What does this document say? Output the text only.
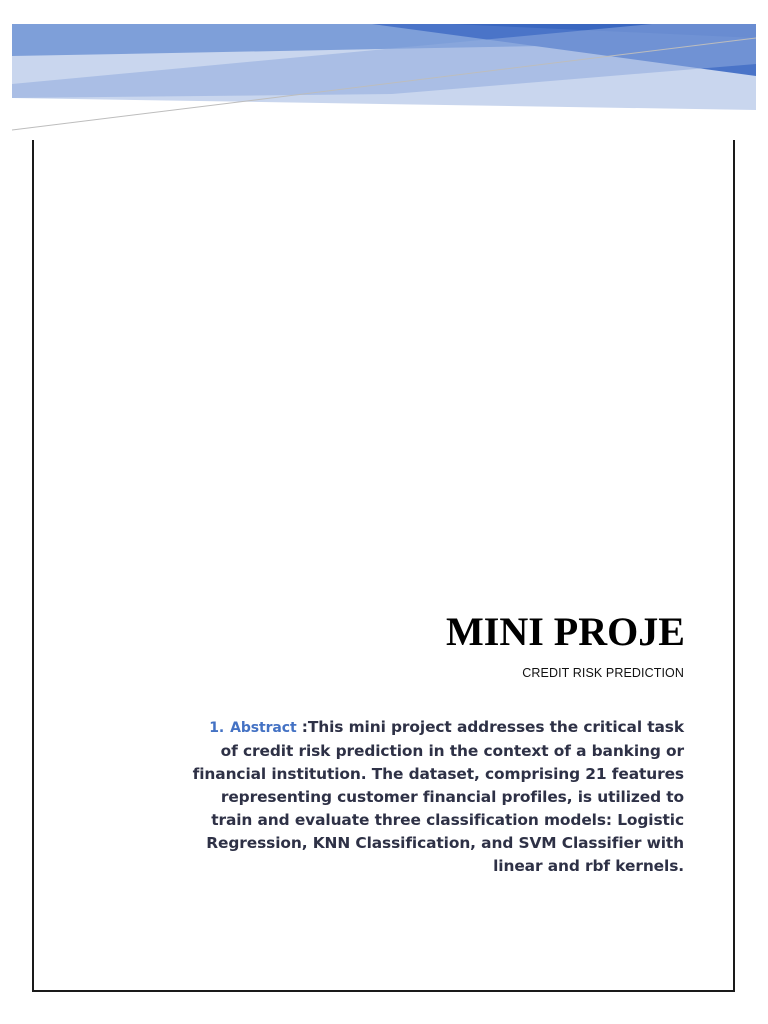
MINI PROJE
CREDIT RISK PREDICTION

1. Abstract :This mini project addresses the critical task of credit risk prediction in the context of a banking or financial institution. The dataset, comprising 21 features representing customer financial profiles, is utilized to train and evaluate three classification models: Logistic Regression, KNN Classification, and SVM Classifier with linear and rbf kernels.
